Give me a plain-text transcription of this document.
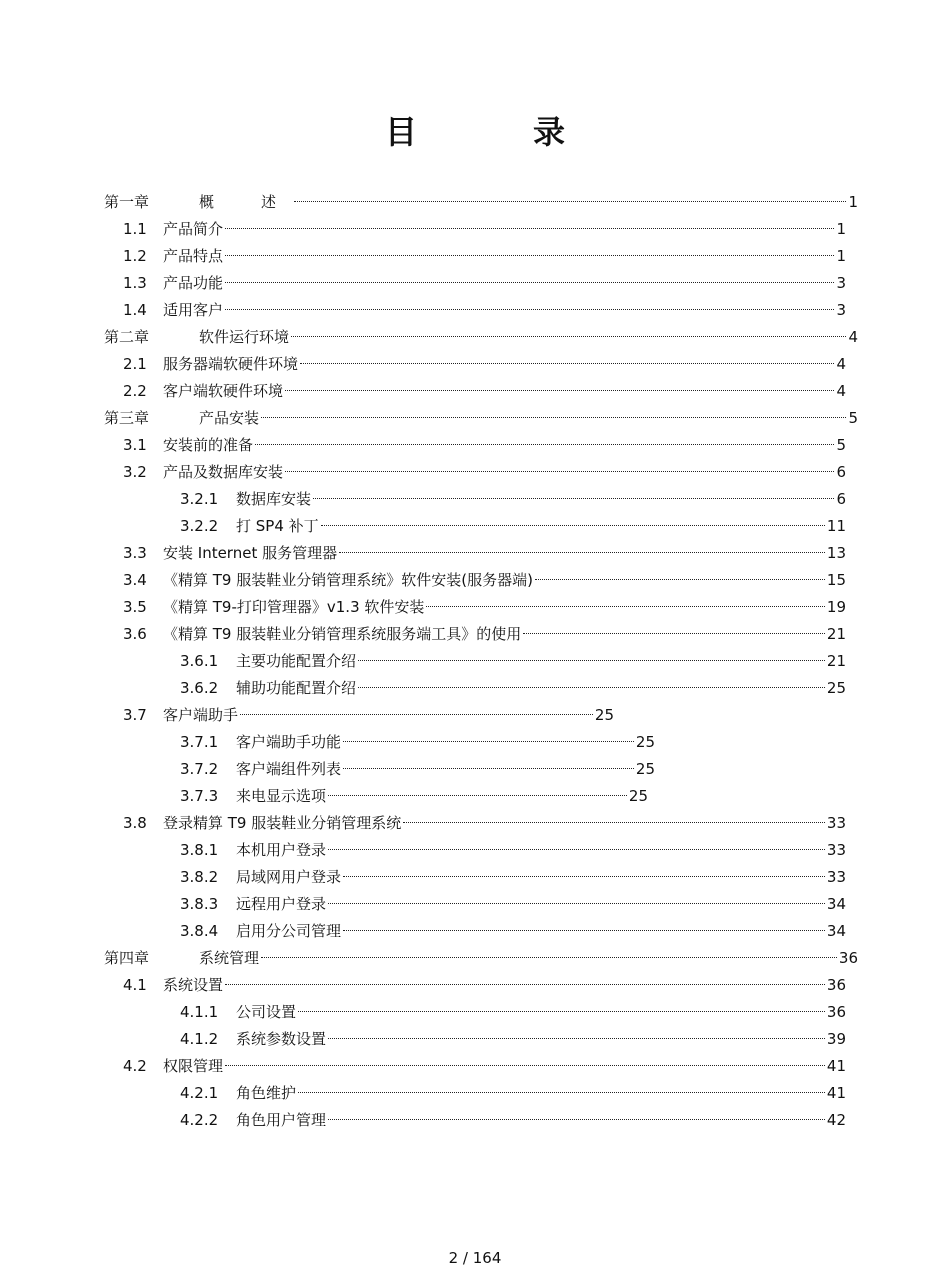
目　录
第一章	概　述	1
1.1	产品简介	1
1.2	产品特点	1
1.3	产品功能	3
1.4	适用客户	3
第二章	软件运行环境	4
2.1	服务器端软硬件环境	4
2.2	客户端软硬件环境	4
第三章	产品安装	5
3.1	安装前的准备	5
3.2	产品及数据库安装	6
3.2.1	数据库安装	6
3.2.2	打 SP4 补丁	11
3.3	安装 Internet 服务管理器	13
3.4	《精算 T9 服装鞋业分销管理系统》软件安装(服务器端)	15
3.5	《精算 T9-打印管理器》v1.3 软件安装	19
3.6	《精算 T9 服装鞋业分销管理系统服务端工具》的使用	21
3.6.1	主要功能配置介绍	21
3.6.2	辅助功能配置介绍	25
3.7	客户端助手	25
3.7.1	客户端助手功能	25
3.7.2	客户端组件列表	25
3.7.3	来电显示选项	25
3.8	登录精算 T9 服装鞋业分销管理系统	33
3.8.1	本机用户登录	33
3.8.2	局域网用户登录	33
3.8.3	远程用户登录	34
3.8.4	启用分公司管理	34
第四章	系统管理	36
4.1	系统设置	36
4.1.1	公司设置	36
4.1.2	系统参数设置	39
4.2	权限管理	41
4.2.1	角色维护	41
4.2.2	角色用户管理	42
2 / 164
